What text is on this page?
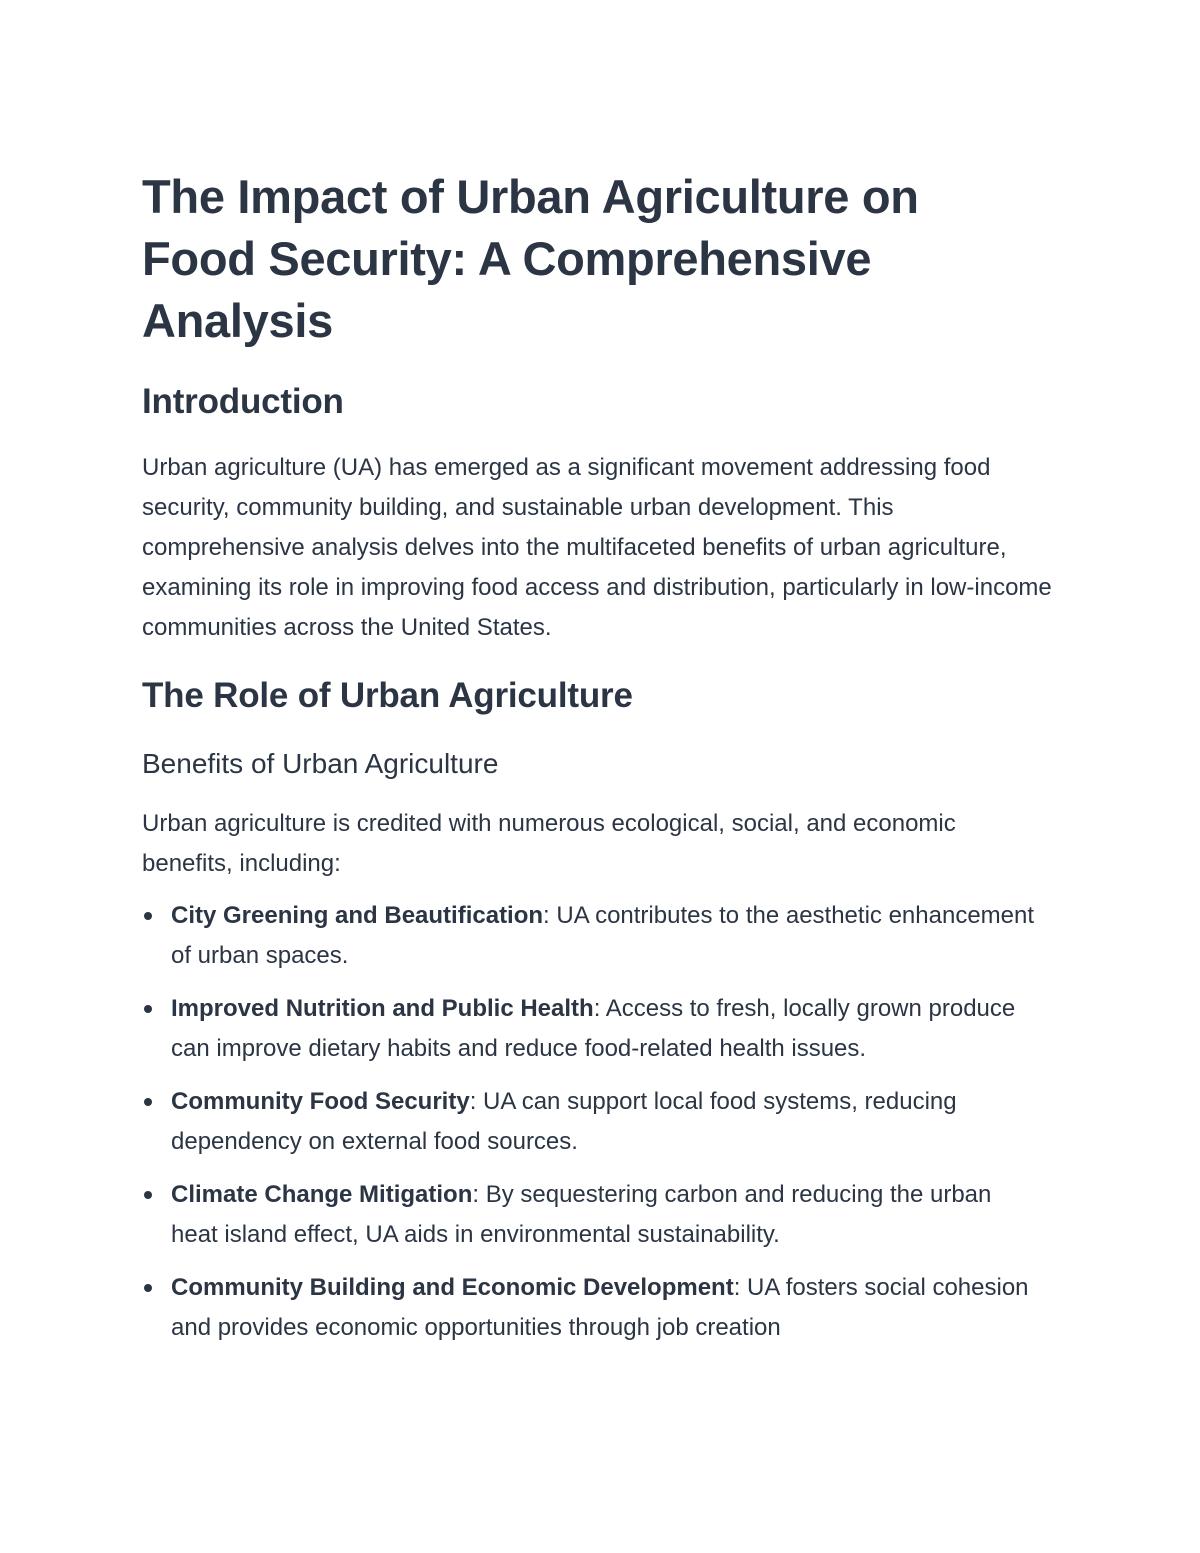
The Impact of Urban Agriculture on Food Security: A Comprehensive Analysis
Introduction

Urban agriculture (UA) has emerged as a significant movement addressing food security, community building, and sustainable urban development. This comprehensive analysis delves into the multifaceted benefits of urban agriculture, examining its role in improving food access and distribution, particularly in low-income communities across the United States.

The Role of Urban Agriculture
Benefits of Urban Agriculture

Urban agriculture is credited with numerous ecological, social, and economic benefits, including:

City Greening and Beautification: UA contributes to the aesthetic enhancement of urban spaces.
Improved Nutrition and Public Health: Access to fresh, locally grown produce can improve dietary habits and reduce food-related health issues.
Community Food Security: UA can support local food systems, reducing dependency on external food sources.
Climate Change Mitigation: By sequestering carbon and reducing the urban heat island effect, UA aids in environmental sustainability.
Community Building and Economic Development: UA fosters social cohesion and provides economic opportunities through job creation
